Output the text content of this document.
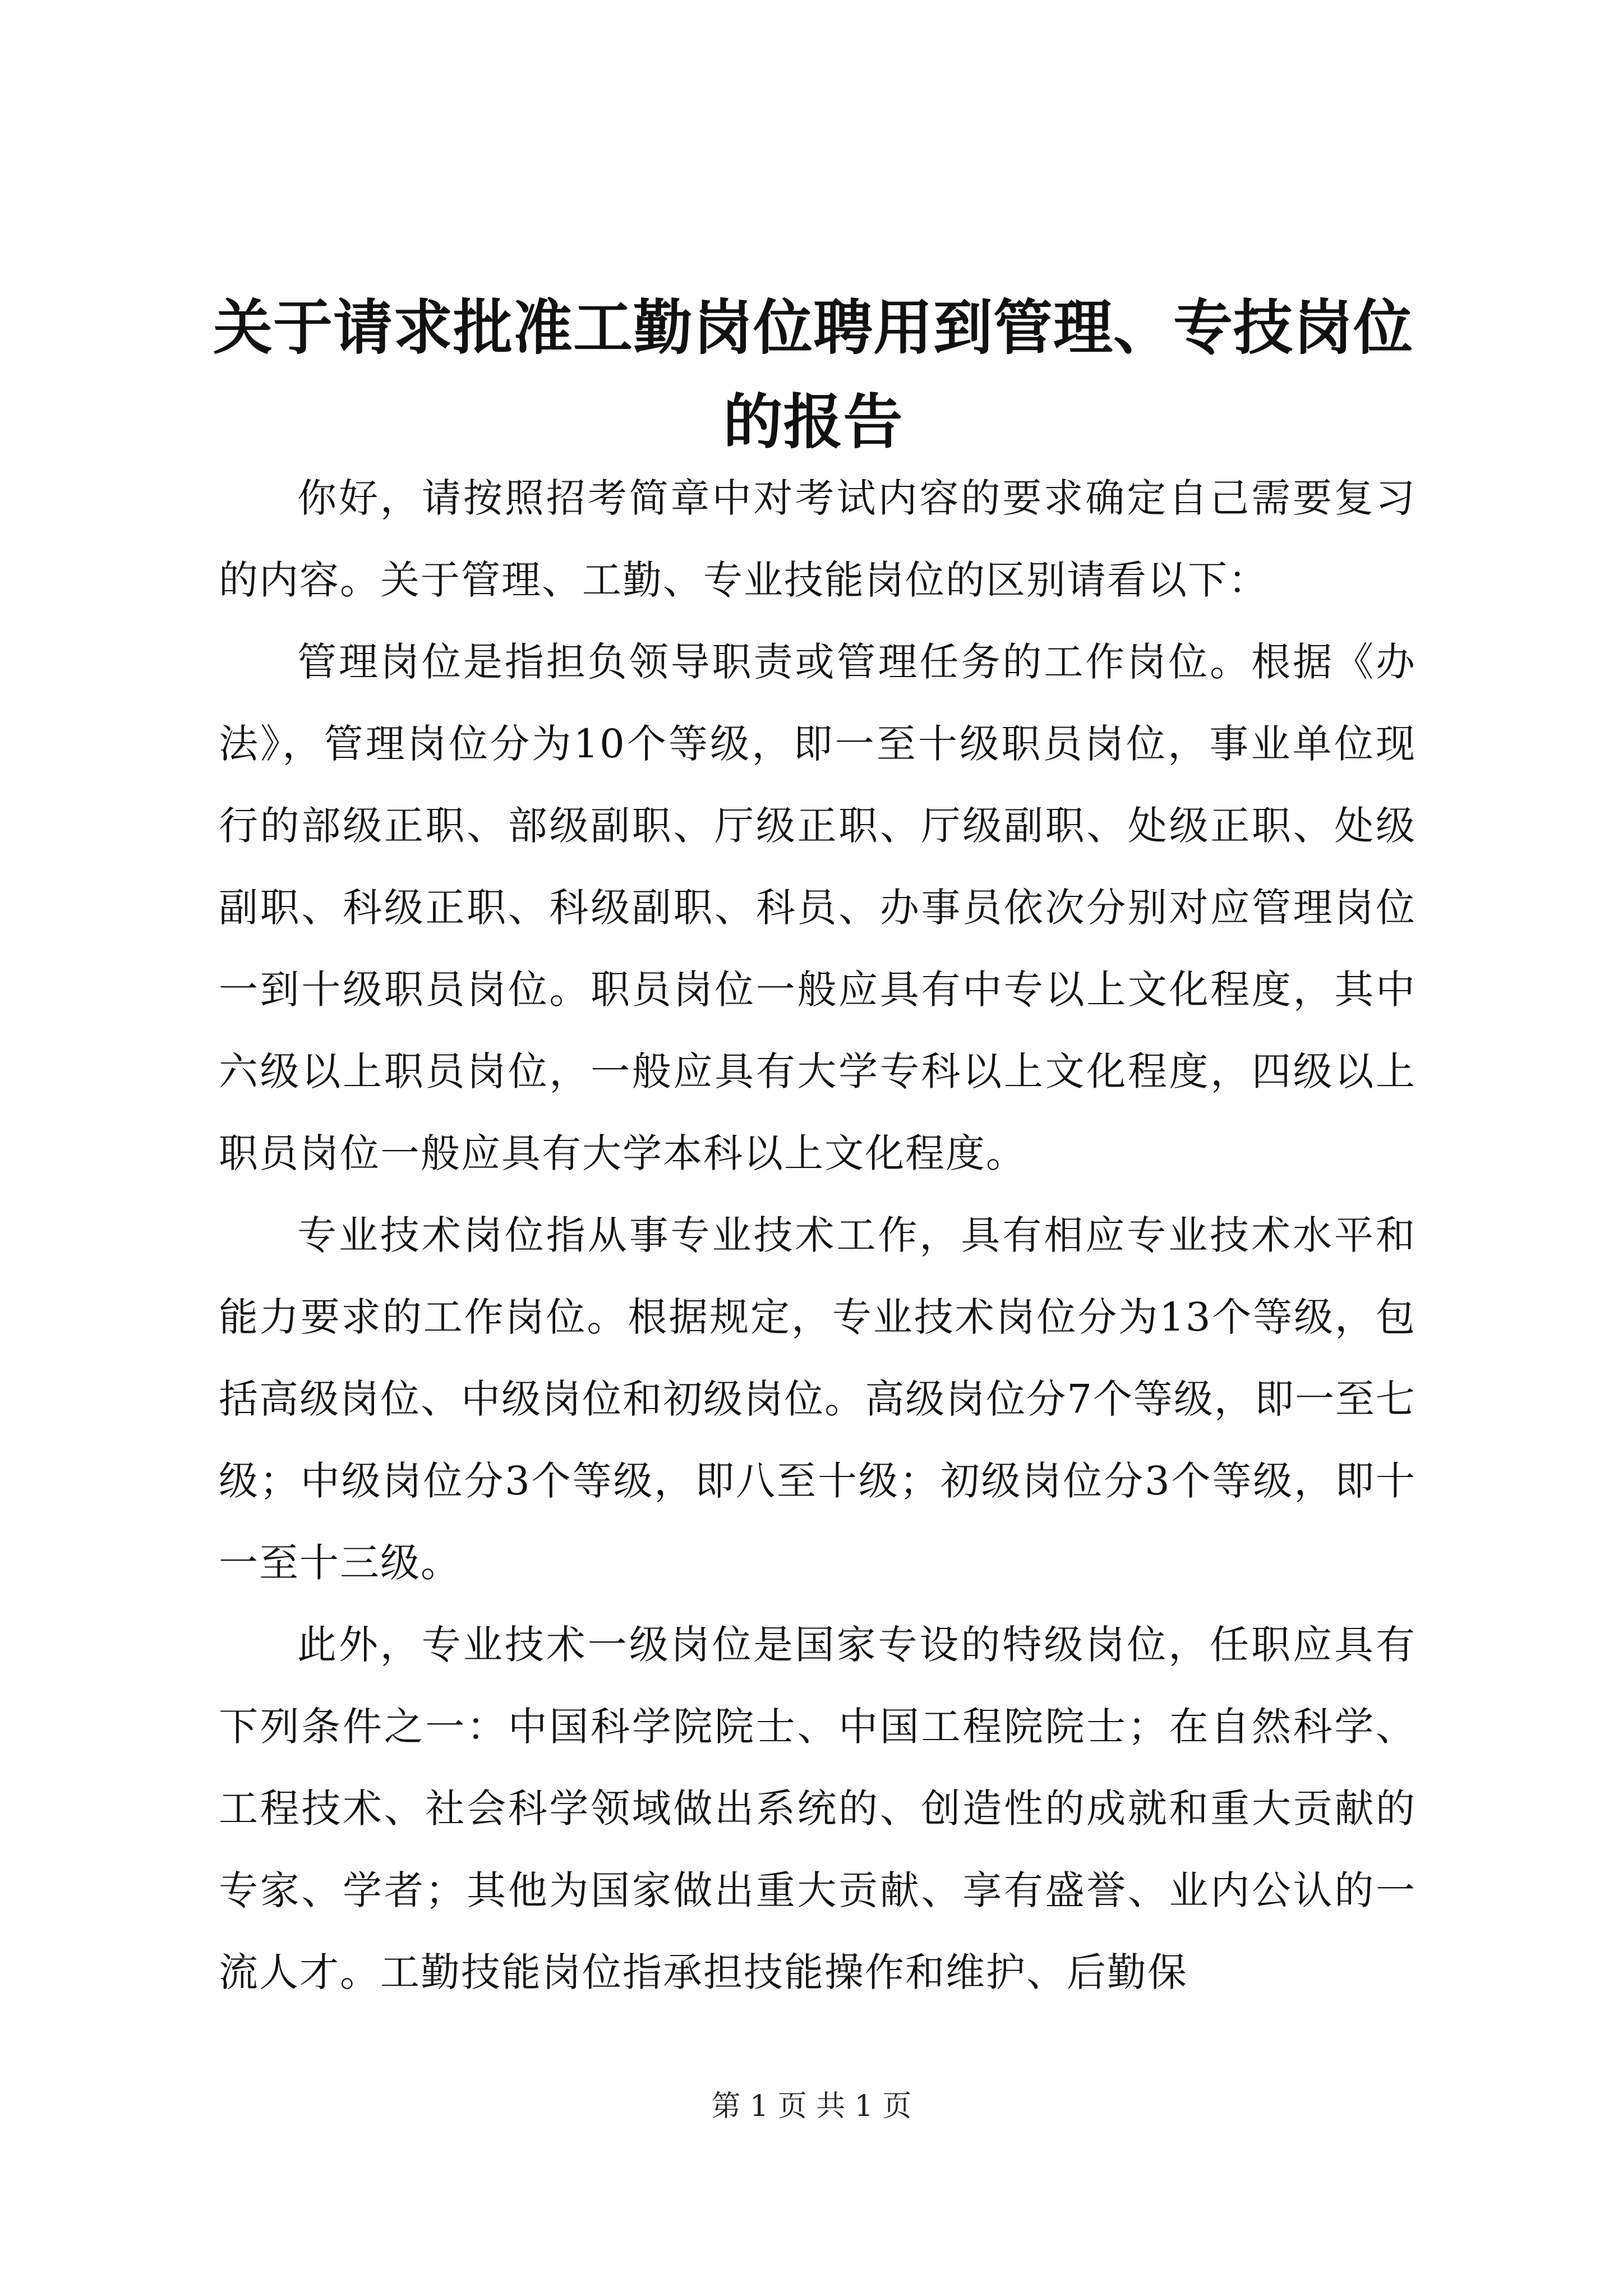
关于请求批准工勤岗位聘用到管理、专技岗位的报告

你好，请按照招考简章中对考试内容的要求确定自己需要复习的内容。关于管理、工勤、专业技能岗位的区别请看以下：

管理岗位是指担负领导职责或管理任务的工作岗位。根据《办法》，管理岗位分为10个等级，即一至十级职员岗位，事业单位现行的部级正职、部级副职、厅级正职、厅级副职、处级正职、处级副职、科级正职、科级副职、科员、办事员依次分别对应管理岗位一到十级职员岗位。职员岗位一般应具有中专以上文化程度，其中六级以上职员岗位，一般应具有大学专科以上文化程度，四级以上职员岗位一般应具有大学本科以上文化程度。

专业技术岗位指从事专业技术工作，具有相应专业技术水平和能力要求的工作岗位。根据规定，专业技术岗位分为13个等级，包括高级岗位、中级岗位和初级岗位。高级岗位分7个等级，即一至七级；中级岗位分3个等级，即八至十级；初级岗位分3个等级，即十一至十三级。

此外，专业技术一级岗位是国家专设的特级岗位，任职应具有下列条件之一：中国科学院院士、中国工程院院士；在自然科学、工程技术、社会科学领域做出系统的、创造性的成就和重大贡献的专家、学者；其他为国家做出重大贡献、享有盛誉、业内公认的一流人才。工勤技能岗位指承担技能操作和维护、后勤保

第 1 页 共 1 页
